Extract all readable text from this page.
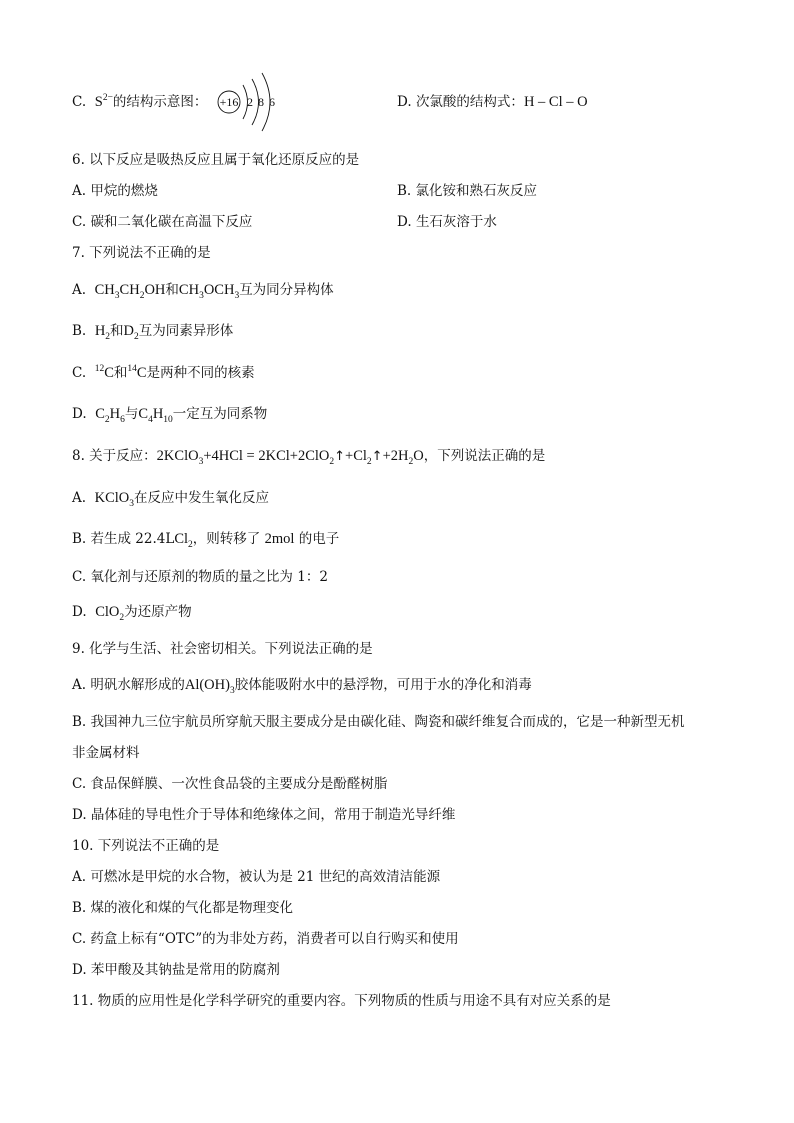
C. $S^{2-}$的结构示意图： +16 2 8 6	D. 次氯酸的结构式：H – Cl – O
6. 以下反应是吸热反应且属于氧化还原反应的是
A. 甲烷的燃烧	B. 氯化铵和熟石灰反应
C. 碳和二氧化碳在高温下反应	D. 生石灰溶于水
7. 下列说法不正确的是
A. $CH_3CH_2OH$和$CH_3OCH_3$互为同分异构体
B. $H_2$和$D_2$互为同素异形体
C. $^{12}$C和$^{14}$C是两种不同的核素
D. $C_2H_6$与$C_4H_{10}$一定互为同系物
8. 关于反应：2KClO$_3$+4HCl = $2KCl+2ClO_2↑+Cl_2↑+2H_2O$，下列说法正确的是
A. KClO$_3$在反应中发生氧化反应
B. 若生成 22.4LCl$_2$，则转移了 2mol 的电子
C. 氧化剂与还原剂的物质的量之比为 1：2
D. ClO$_2$为还原产物
9. 化学与生活、社会密切相关。下列说法正确的是
A. 明矾水解形成的$Al(OH)_3$胶体能吸附水中的悬浮物，可用于水的净化和消毒
B. 我国神九三位宇航员所穿航天服主要成分是由碳化硅、陶瓷和碳纤维复合而成的，它是一种新型无机
非金属材料
C. 食品保鲜膜、一次性食品袋的主要成分是酚醛树脂
D. 晶体硅的导电性介于导体和绝缘体之间，常用于制造光导纤维
10. 下列说法不正确的是
A. 可燃冰是甲烷的水合物，被认为是 21 世纪的高效清洁能源
B. 煤的液化和煤的气化都是物理变化
C. 药盒上标有“OTC”的为非处方药，消费者可以自行购买和使用
D. 苯甲酸及其钠盐是常用的防腐剂
11. 物质的应用性是化学科学研究的重要内容。下列物质的性质与用途不具有对应关系的是
